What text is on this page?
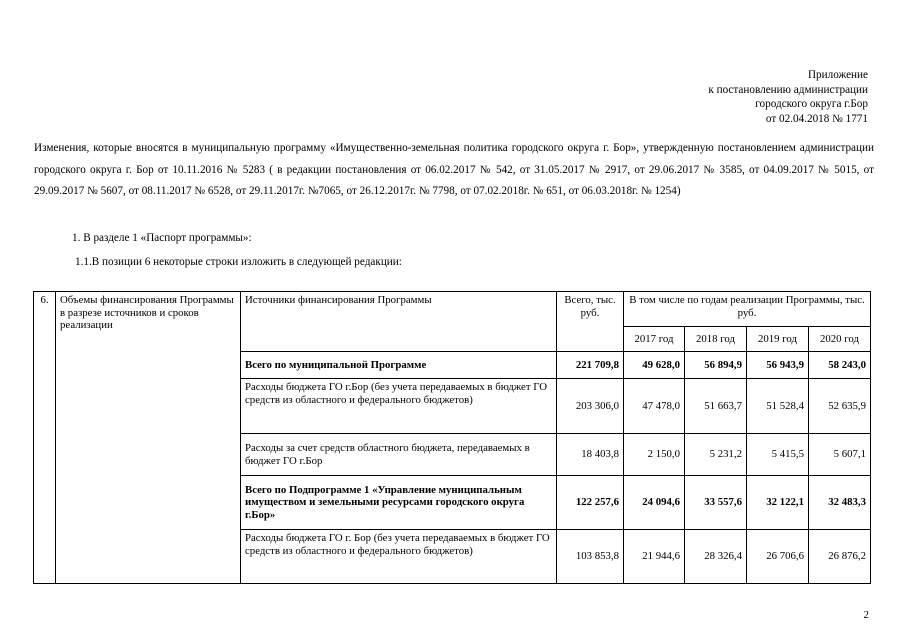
Приложение
к постановлению администрации
городского округа г.Бор
от 02.04.2018 № 1771
Изменения, которые вносятся в муниципальную программу «Имущественно-земельная политика городского округа г. Бор», утвержденную постановлением администрации городского округа г. Бор от 10.11.2016 № 5283 ( в редакции постановления от 06.02.2017 № 542, от 31.05.2017 № 2917, от 29.06.2017 № 3585, от 04.09.2017 № 5015, от 29.09.2017 № 5607, от 08.11.2017 № 6528, от 29.11.2017г. №7065, от 26.12.2017г. № 7798, от 07.02.2018г. № 651, от 06.03.2018г. № 1254)
1. В разделе 1 «Паспорт программы»:
1.1.В позиции 6 некоторые строки изложить в следующей редакции:
6.	Объемы финансирования Программы в разрезе источников и сроков реализации	Источники финансирования Программы	Всего, тыс. руб.	В том числе по годам реализации Программы, тыс. руб.			
				2017 год	2018 год	2019 год	2020 год
		Всего по муниципальной Программе	221 709,8	49 628,0	56 894,9	56 943,9	58 243,0
		Расходы бюджета ГО г.Бор (без учета передаваемых в бюджет ГО средств из областного и федерального бюджетов)	203 306,0	47 478,0	51 663,7	51 528,4	52 635,9
		Расходы за счет средств областного бюджета, передаваемых в бюджет ГО г.Бор	18 403,8	2 150,0	5 231,2	5 415,5	5 607,1
		Всего по Подпрограмме 1 «Управление муниципальным имуществом и земельными ресурсами городского округа г.Бор»	122 257,6	24 094,6	33 557,6	32 122,1	32 483,3
		Расходы бюджета ГО г. Бор (без учета передаваемых в бюджет ГО средств из областного и федерального бюджетов)	103 853,8	21 944,6	28 326,4	26 706,6	26 876,2
2
